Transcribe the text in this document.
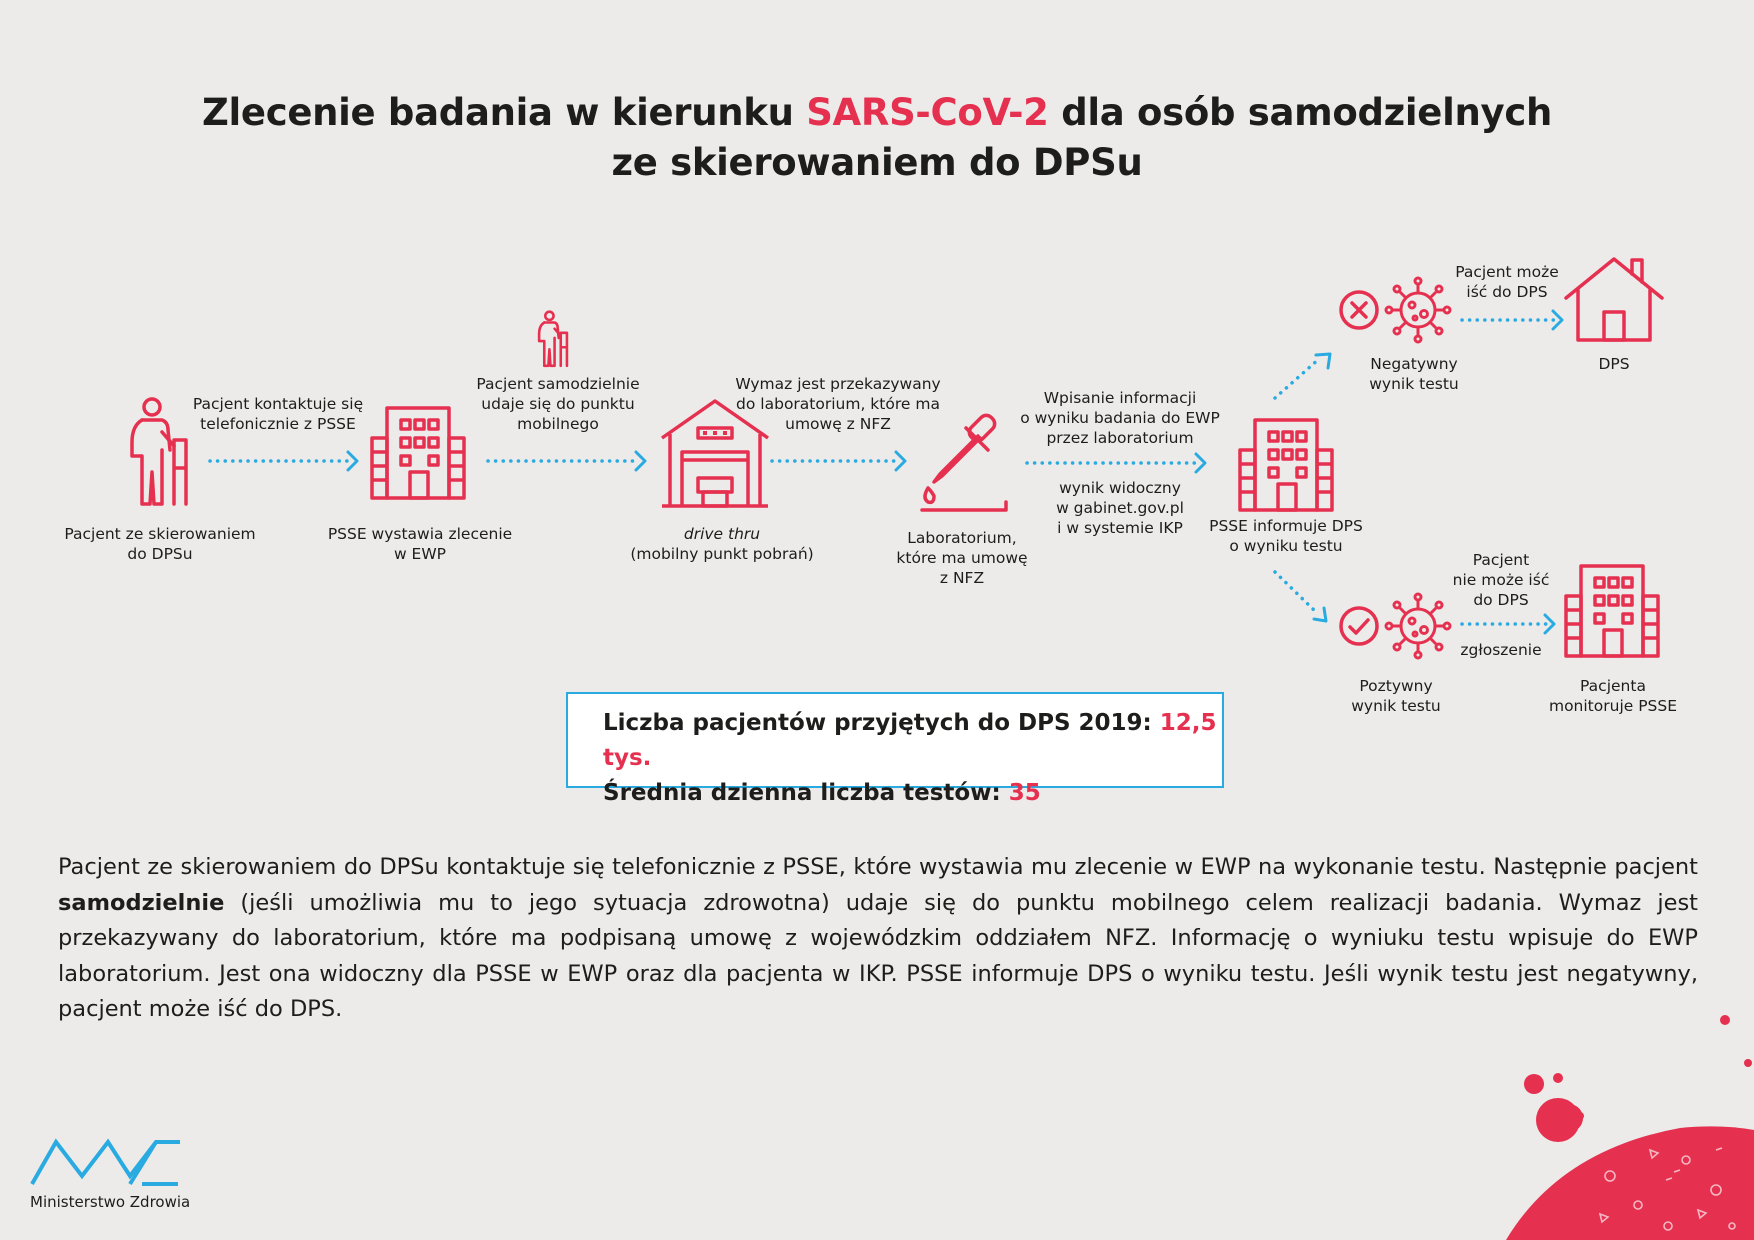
Zlecenie badania w kierunku SARS-CoV-2 dla osób samodzielnych
ze skierowaniem do DPSu
Pacjent ze skierowaniem
do DPSu
Pacjent kontaktuje się
telefonicznie z PSSE
PSSE wystawia zlecenie
w EWP
Pacjent samodzielnie
udaje się do punktu
mobilnego
drive thru
(mobilny punkt pobrań)
Wymaz jest przekazywany
do laboratorium, które ma
umowę z NFZ
Laboratorium,
które ma umowę
z NFZ
Wpisanie informacji
o wyniku badania do EWP
przez laboratorium
wynik widoczny
w gabinet.gov.pl
i w systemie IKP	PSSE informuje DPS
o wyniku testu
Negatywny
wynik testu
Pacjent może
iść do DPS
DPS
Poztywny
wynik testu
Pacjent
nie może iść
do DPS
zgłoszenie
Pacjenta
monitoruje PSSE
Liczba pacjentów przyjętych do DPS 2019: 12,5 tys.
Średnia dzienna liczba testów: 35
Pacjent ze skierowaniem do DPSu kontaktuje się telefonicznie z PSSE, które wystawia mu zlecenie w EWP na wykonanie testu. Następnie pacjent samodzielnie (jeśli umożliwia mu to jego sytuacja zdrowotna) udaje się do punktu mobilnego celem realizacji badania. Wymaz jest przekazywany do laboratorium, które ma podpisaną umowę z wojewódzkim oddziałem NFZ. Informację o wyniuku testu wpisuje do EWP laboratorium. Jest ona widoczny dla PSSE w EWP oraz dla pacjenta w IKP. PSSE informuje DPS o wyniku testu. Jeśli wynik testu jest negatywny, pacjent może iść do DPS.
Ministerstwo Zdrowia
